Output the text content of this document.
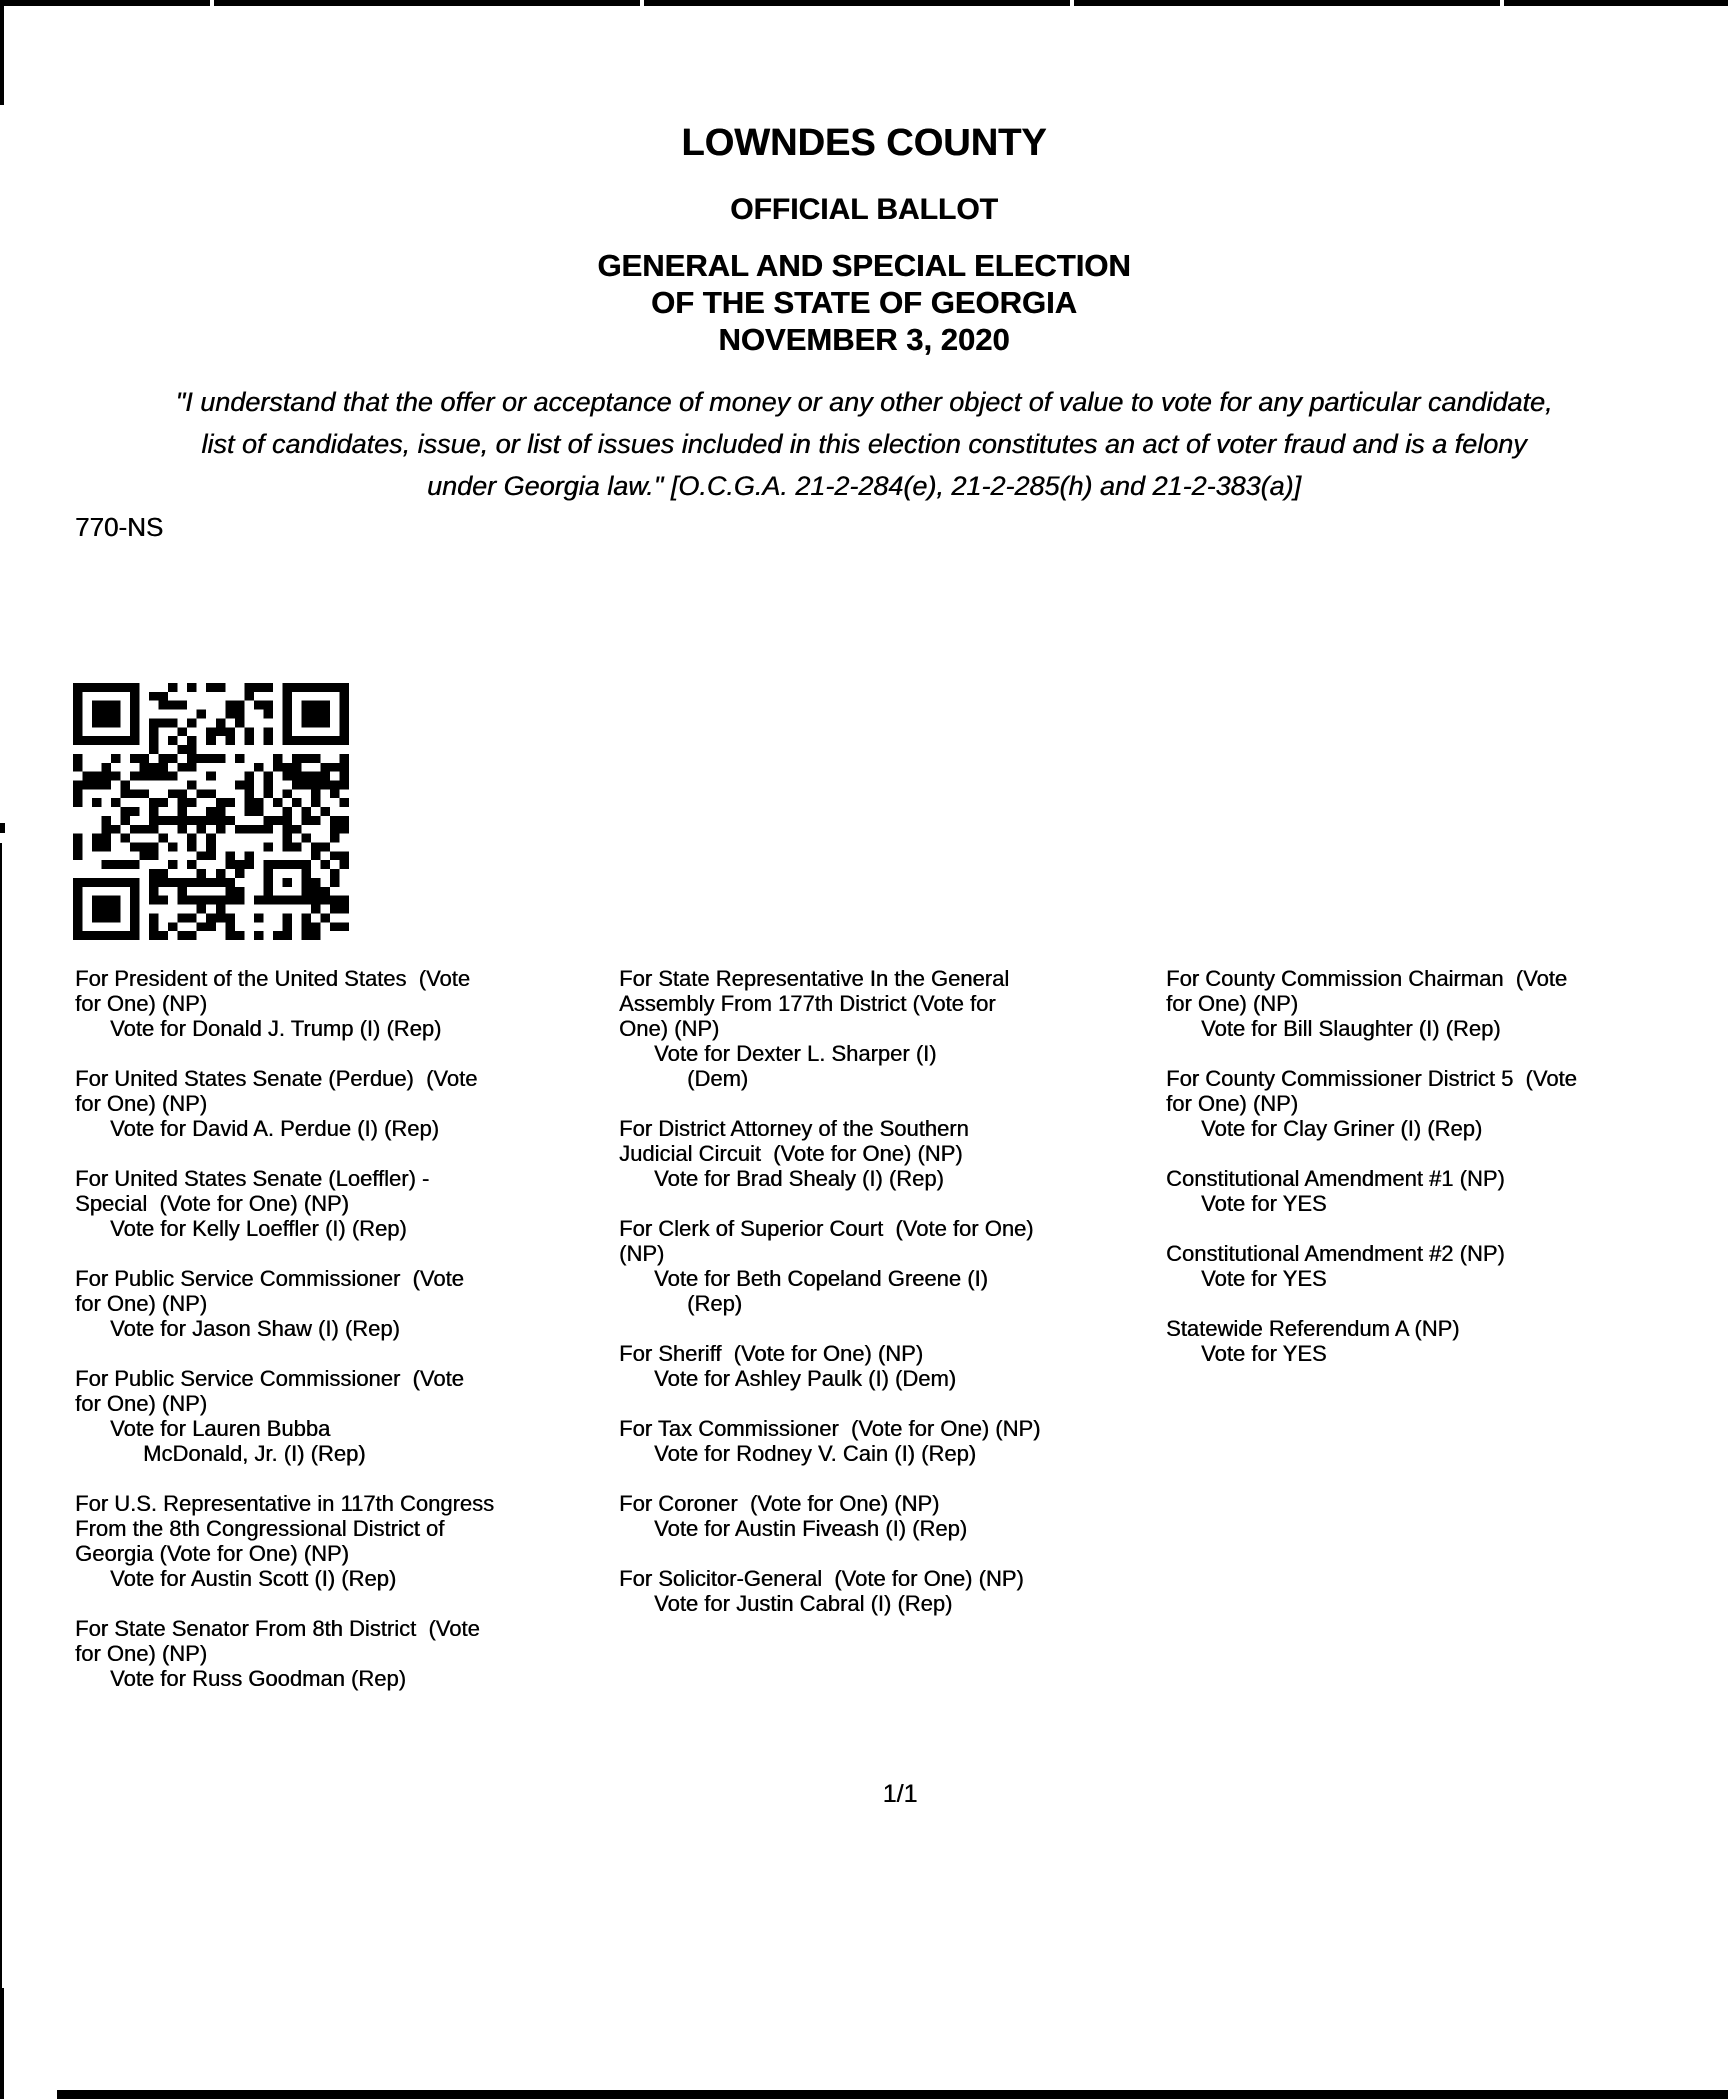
LOWNDES COUNTY
OFFICIAL BALLOT
GENERAL AND SPECIAL ELECTION
OF THE STATE OF GEORGIA
NOVEMBER 3, 2020
"I understand that the offer or acceptance of money or any other object of value to vote for any particular candidate,
list of candidates, issue, or list of issues included in this election constitutes an act of voter fraud and is a felony
under Georgia law." [O.C.G.A. 21-2-284(e), 21-2-285(h) and 21-2-383(a)]
770-NS
For President of the United States  (Vote
for One) (NP)
Vote for Donald J. Trump (I) (Rep)
For United States Senate (Perdue)  (Vote
for One) (NP)
Vote for David A. Perdue (I) (Rep)
For United States Senate (Loeffler) -
Special  (Vote for One) (NP)
Vote for Kelly Loeffler (I) (Rep)
For Public Service Commissioner  (Vote
for One) (NP)
Vote for Jason Shaw (I) (Rep)
For Public Service Commissioner  (Vote
for One) (NP)
Vote for Lauren Bubba
McDonald, Jr. (I) (Rep)
For U.S. Representative in 117th Congress
From the 8th Congressional District of
Georgia (Vote for One) (NP)
Vote for Austin Scott (I) (Rep)
For State Senator From 8th District  (Vote
for One) (NP)
Vote for Russ Goodman (Rep)
For State Representative In the General
Assembly From 177th District (Vote for
One) (NP)
Vote for Dexter L. Sharper (I)
(Dem)
For District Attorney of the Southern
Judicial Circuit  (Vote for One) (NP)
Vote for Brad Shealy (I) (Rep)
For Clerk of Superior Court  (Vote for One)
(NP)
Vote for Beth Copeland Greene (I)
(Rep)
For Sheriff  (Vote for One) (NP)
Vote for Ashley Paulk (I) (Dem)
For Tax Commissioner  (Vote for One) (NP)
Vote for Rodney V. Cain (I) (Rep)
For Coroner  (Vote for One) (NP)
Vote for Austin Fiveash (I) (Rep)
For Solicitor-General  (Vote for One) (NP)
Vote for Justin Cabral (I) (Rep)
For County Commission Chairman  (Vote
for One) (NP)
Vote for Bill Slaughter (I) (Rep)
For County Commissioner District 5  (Vote
for One) (NP)
Vote for Clay Griner (I) (Rep)
Constitutional Amendment #1 (NP)
Vote for YES
Constitutional Amendment #2 (NP)
Vote for YES
Statewide Referendum A (NP)
Vote for YES
1/1
